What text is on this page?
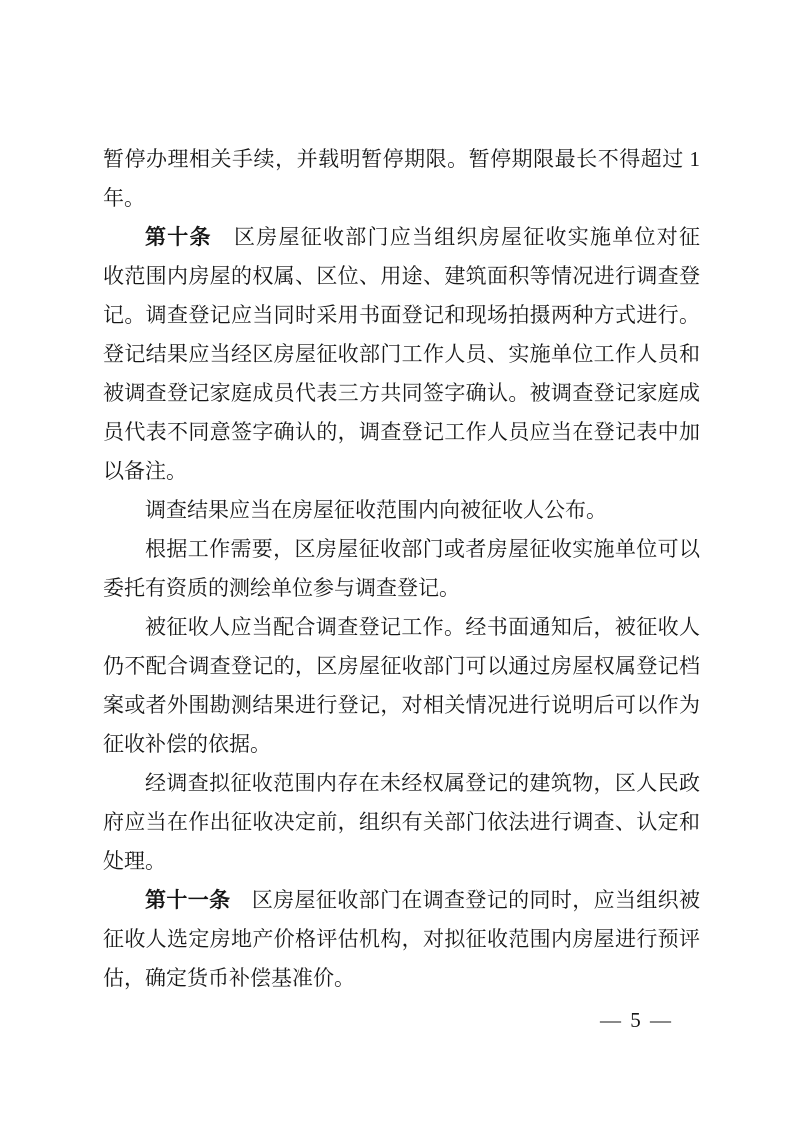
暂停办理相关手续，并载明暂停期限。暂停期限最长不得超过 1
年。
第十条　区房屋征收部门应当组织房屋征收实施单位对征
收范围内房屋的权属、区位、用途、建筑面积等情况进行调查登
记。调查登记应当同时采用书面登记和现场拍摄两种方式进行。
登记结果应当经区房屋征收部门工作人员、实施单位工作人员和
被调查登记家庭成员代表三方共同签字确认。被调查登记家庭成
员代表不同意签字确认的，调查登记工作人员应当在登记表中加
以备注。
调查结果应当在房屋征收范围内向被征收人公布。
根据工作需要，区房屋征收部门或者房屋征收实施单位可以
委托有资质的测绘单位参与调查登记。
被征收人应当配合调查登记工作。经书面通知后，被征收人
仍不配合调查登记的，区房屋征收部门可以通过房屋权属登记档
案或者外围勘测结果进行登记，对相关情况进行说明后可以作为
征收补偿的依据。
经调查拟征收范围内存在未经权属登记的建筑物，区人民政
府应当在作出征收决定前，组织有关部门依法进行调查、认定和
处理。
第十一条　区房屋征收部门在调查登记的同时，应当组织被
征收人选定房地产价格评估机构，对拟征收范围内房屋进行预评
估，确定货币补偿基准价。
— 5 —
